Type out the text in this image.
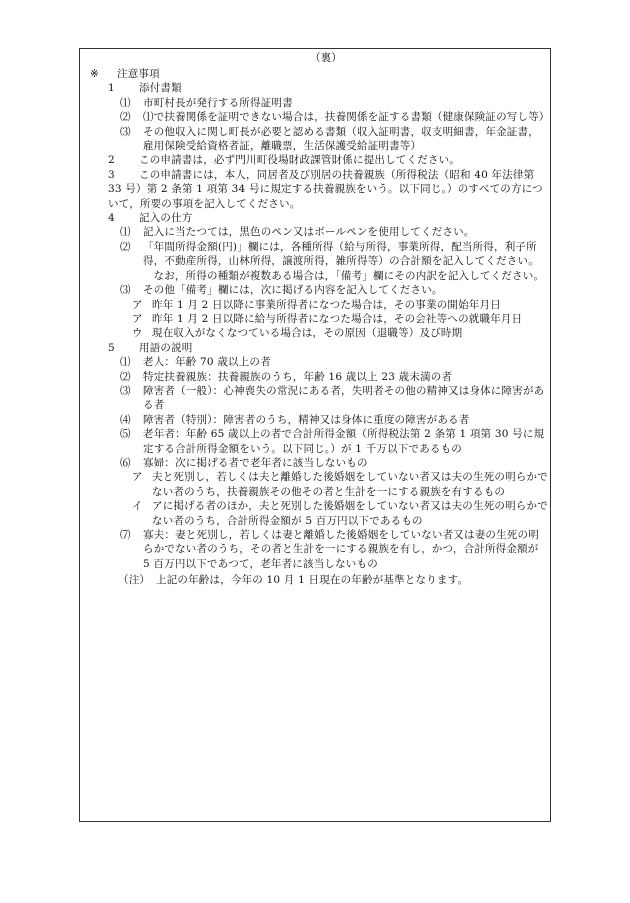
（裏）
※	注意事項
1	添付書類
⑴	市町村長が発行する所得証明書
⑵	⑴で扶養関係を証明できない場合は，扶養関係を証する書類（健康保険証の写し等）
⑶	その他収入に関し町長が必要と認める書類（収入証明書，収支明細書，年金証書，雇用保険受給資格者証，離職票，生活保護受給証明書等）
2	この申請書は，必ず門川町役場財政課管財係に提出してください。
3 この申請書には，本人，同居者及び別居の扶養親族（所得税法（昭和 40 年法律第 33 号）第 2 条第 1 項第 34 号に規定する扶養親族をいう。以下同じ。）のすべての方について，所要の事項を記入してください。
4	記入の仕方
⑴	記入に当たつては，黒色のペン又はボールペンを使用してください。
⑵	「年間所得金額(円)」欄には，各種所得（給与所得，事業所得，配当所得，利子所得，不動産所得，山林所得，譲渡所得，雑所得等）の合計額を記入してください。
なお，所得の種類が複数ある場合は，「備考」欄にその内訳を記入してください。
⑶	その他「備考」欄には，次に掲げる内容を記入してください。
ア 昨年 1 月 2 日以降に事業所得者になつた場合は，その事業の開始年月日
ア 昨年 1 月 2 日以降に給与所得者になつた場合は，その会社等への就職年月日
ウ 現在収入がなくなつている場合は，その原因（退職等）及び時期
5	用語の説明
⑴	老人：年齢 70 歳以上の者
⑵	特定扶養親族：扶養親族のうち，年齢 16 歳以上 23 歳未満の者
⑶	障害者（一般）：心神喪失の常況にある者，失明者その他の精神又は身体に障害がある者
⑷	障害者（特別）：障害者のうち，精神又は身体に重度の障害がある者
⑸	老年者：年齢 65 歳以上の者で合計所得金額（所得税法第 2 条第 1 項第 30 号に規定する合計所得金額をいう。以下同じ。）が 1 千万以下であるもの
⑹	寡婦：次に掲げる者で老年者に該当しないもの
ア 夫と死別し，若しくは夫と離婚した後婚姻をしていない者又は夫の生死の明らかでない者のうち，扶養親族その他その者と生計を一にする親族を有するもの
イ アに掲げる者のほか，夫と死別した後婚姻をしていない者又は夫の生死の明らかでない者のうち，合計所得金額が 5 百万円以下であるもの
⑺	寡夫：妻と死別し，若しくは妻と離婚した後婚姻をしていない者又は妻の生死の明らかでない者のうち，その者と生計を一にする親族を有し，かつ，合計所得金額が 5 百万円以下であつて，老年者に該当しないもの
（注） 上記の年齢は，今年の 10 月 1 日現在の年齢が基準となります。
